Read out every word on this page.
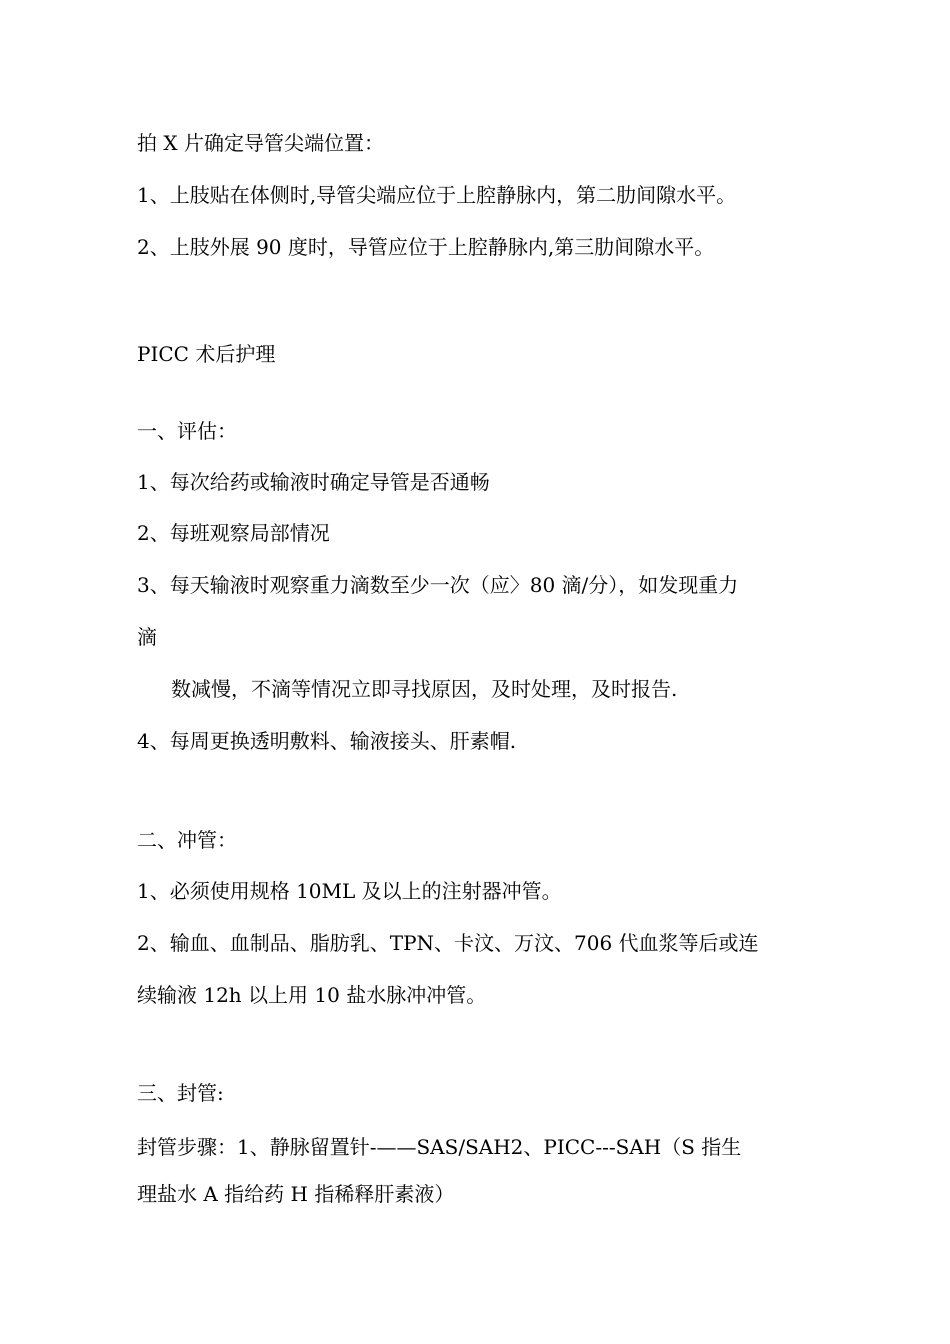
拍 X 片确定导管尖端位置：
1、上肢贴在体侧时,导管尖端应位于上腔静脉内，第二肋间隙水平。
2、上肢外展 90 度时，导管应位于上腔静脉内,第三肋间隙水平。
PICC 术后护理
一、评估：
1、每次给药或输液时确定导管是否通畅
2、每班观察局部情况
3、每天输液时观察重力滴数至少一次（应〉80 滴/分），如发现重力
滴
数减慢，不滴等情况立即寻找原因，及时处理，及时报告.
4、每周更换透明敷料、输液接头、肝素帽.
二、冲管：
1、必须使用规格 10ML 及以上的注射器冲管。
2、输血、血制品、脂肪乳、TPN、卡汶、万汶、706 代血浆等后或连
续输液 12h 以上用 10 盐水脉冲冲管。
三、封管:
封管步骤：1、静脉留置针-——SAS/SAH2、PICC---SAH（S 指生
理盐水 A 指给药 H 指稀释肝素液）
